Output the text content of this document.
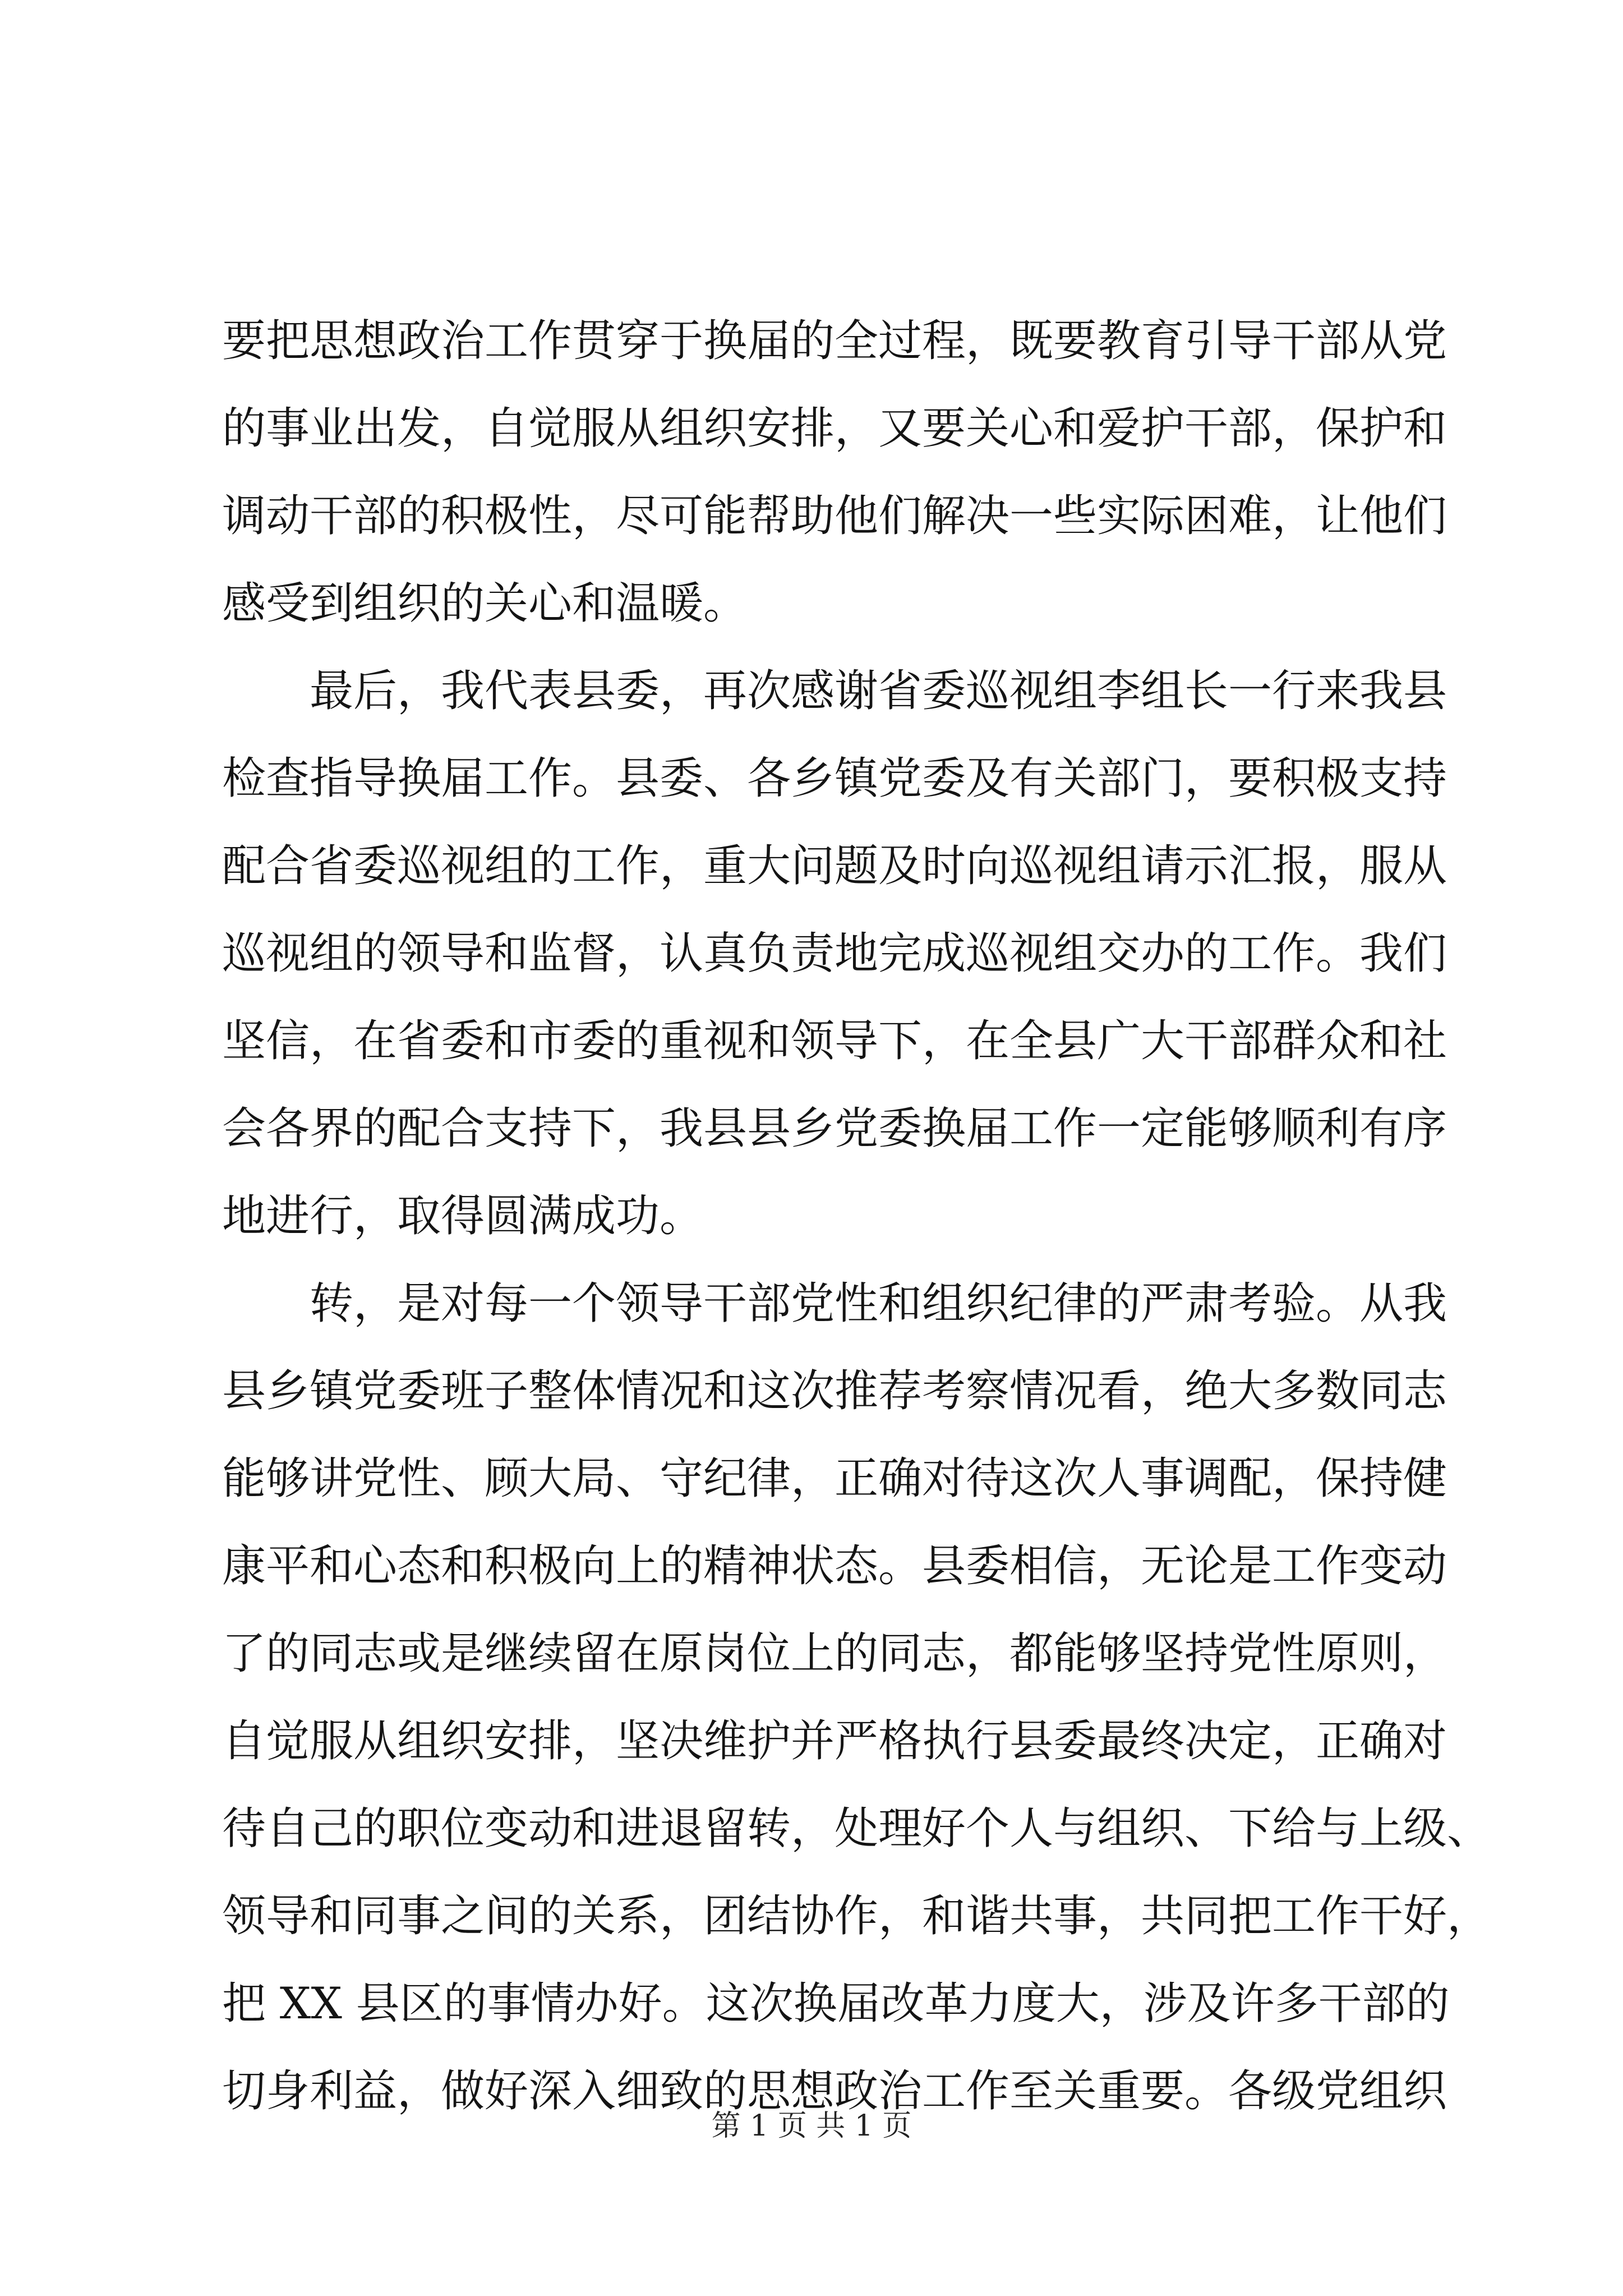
要把思想政治工作贯穿于换届的全过程，既要教育引导干部从党
的事业出发，自觉服从组织安排，又要关心和爱护干部，保护和
调动干部的积极性，尽可能帮助他们解决一些实际困难，让他们
感受到组织的关心和温暖。
最后，我代表县委，再次感谢省委巡视组李组长一行来我县
检查指导换届工作。县委、各乡镇党委及有关部门，要积极支持
配合省委巡视组的工作，重大问题及时向巡视组请示汇报，服从
巡视组的领导和监督，认真负责地完成巡视组交办的工作。我们
坚信，在省委和市委的重视和领导下，在全县广大干部群众和社
会各界的配合支持下，我县县乡党委换届工作一定能够顺利有序
地进行，取得圆满成功。
转，是对每一个领导干部党性和组织纪律的严肃考验。从我
县乡镇党委班子整体情况和这次推荐考察情况看，绝大多数同志
能够讲党性、顾大局、守纪律，正确对待这次人事调配，保持健
康平和心态和积极向上的精神状态。县委相信，无论是工作变动
了的同志或是继续留在原岗位上的同志，都能够坚持党性原则，
自觉服从组织安排，坚决维护并严格执行县委最终决定，正确对
待自己的职位变动和进退留转，处理好个人与组织、下给与上级、
领导和同事之间的关系，团结协作，和谐共事，共同把工作干好，
把 XX 县区的事情办好。这次换届改革力度大，涉及许多干部的
切身利益，做好深入细致的思想政治工作至关重要。各级党组织
第 1 页 共 1 页
